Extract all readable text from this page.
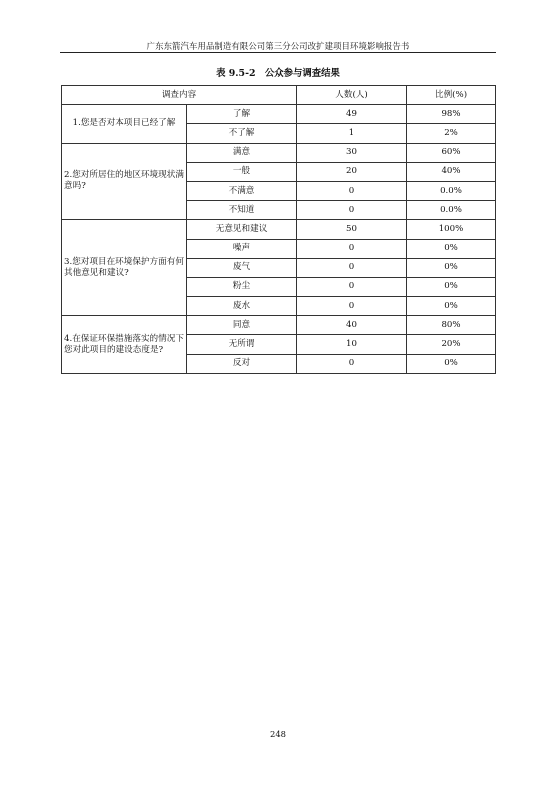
广东东箭汽车用品制造有限公司第三分公司改扩建项目环境影响报告书
表 9.5-2　公众参与调查结果
调查内容		人数(人)	比例(%)
1.您是否对本项目已经了解	了解	49	98%
	不了解	1	2%
2.您对所居住的地区环境现状满意吗?	满意	30	60%
	一般	20	40%
	不满意	0	0.0%
	不知道	0	0.0%
3.您对项目在环境保护方面有何其他意见和建议?	无意见和建议	50	100%
	噪声	0	0%
	废气	0	0%
	粉尘	0	0%
	废水	0	0%
4.在保证环保措施落实的情况下您对此项目的建设态度是?	同意	40	80%
	无所谓	10	20%
	反对	0	0%
248
